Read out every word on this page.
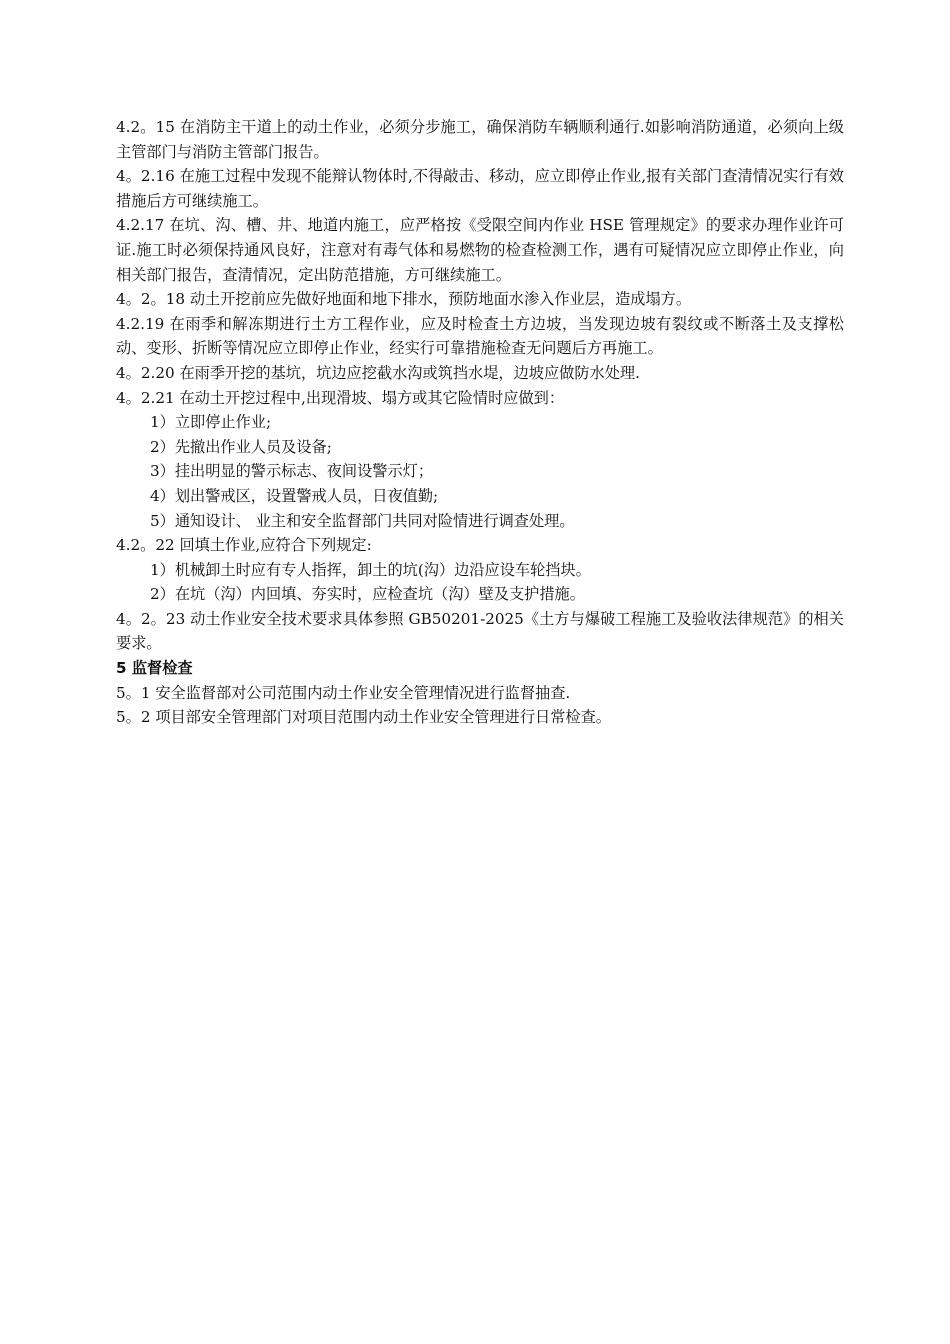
4.2。15 在消防主干道上的动土作业，必须分步施工，确保消防车辆顺利通行.如影响消防通道，必须向上级主管部门与消防主管部门报告。

4。2.16 在施工过程中发现不能辩认物体时,不得敲击、移动，应立即停止作业,报有关部门查清情况实行有效措施后方可继续施工。

4.2.17 在坑、沟、槽、井、地道内施工，应严格按《受限空间内作业 HSE 管理规定》的要求办理作业许可证.施工时必须保持通风良好，注意对有毒气体和易燃物的检查检测工作，遇有可疑情况应立即停止作业，向相关部门报告，查清情况，定出防范措施，方可继续施工。

4。2。18 动土开挖前应先做好地面和地下排水，预防地面水渗入作业层，造成塌方。

4.2.19 在雨季和解冻期进行土方工程作业，应及时检查土方边坡，当发现边坡有裂纹或不断落土及支撑松动、变形、折断等情况应立即停止作业，经实行可靠措施检查无问题后方再施工。

4。2.20 在雨季开挖的基坑，坑边应挖截水沟或筑挡水堤，边坡应做防水处理.

4。2.21 在动土开挖过程中,出现滑坡、塌方或其它险情时应做到：

1）立即停止作业;

2）先撤出作业人员及设备;

3）挂出明显的警示标志、夜间设警示灯；

4）划出警戒区，设置警戒人员，日夜值勤;

5）通知设计、 业主和安全监督部门共同对险情进行调查处理。

4.2。22 回填土作业,应符合下列规定:

1）机械卸土时应有专人指挥，卸土的坑(沟）边沿应设车轮挡块。

2）在坑（沟）内回填、夯实时，应检查坑（沟）壁及支护措施。

4。2。23 动土作业安全技术要求具体参照 GB50201-2025《土方与爆破工程施工及验收法律规范》的相关要求。

5 监督检查

5。1 安全监督部对公司范围内动土作业安全管理情况进行监督抽查.

5。2 项目部安全管理部门对项目范围内动土作业安全管理进行日常检查。
